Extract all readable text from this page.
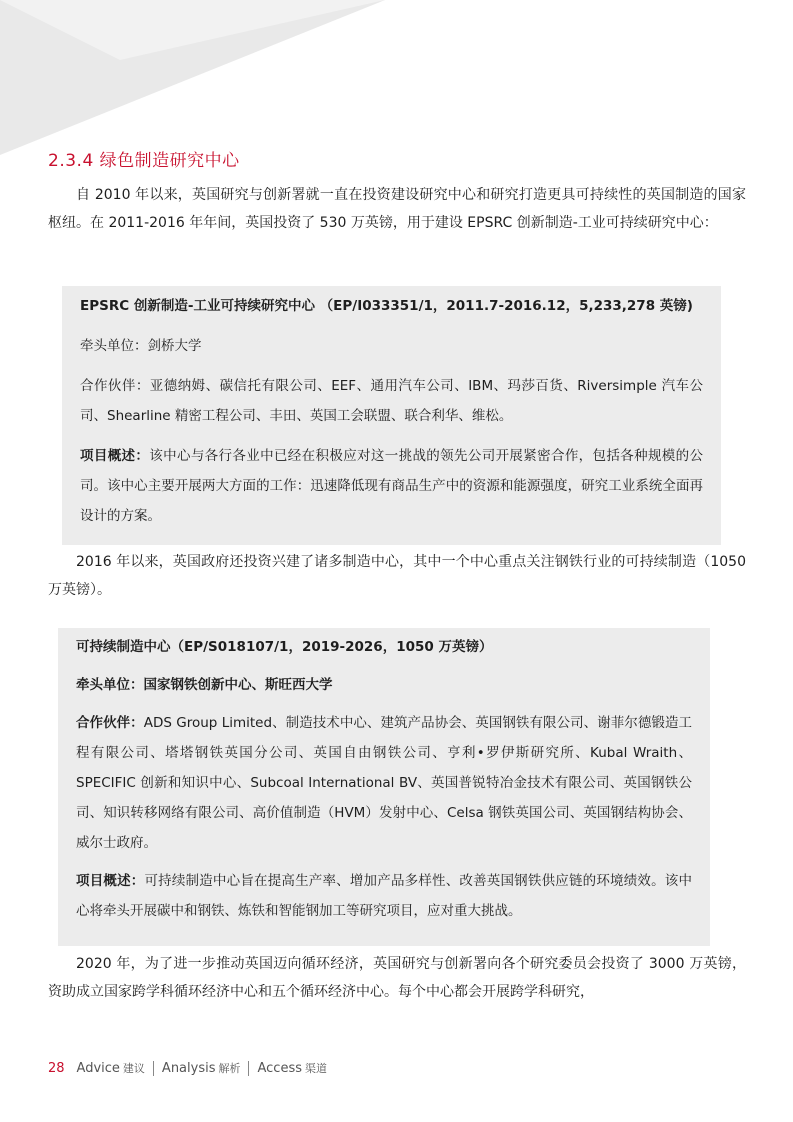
2.3.4 绿色制造研究中心

自 2010 年以来，英国研究与创新署就一直在投资建设研究中心和研究打造更具可持续性的英国制造的国家枢纽。在 2011-2016 年年间，英国投资了 530 万英镑，用于建设 EPSRC 创新制造-工业可持续研究中心：

EPSRC 创新制造-工业可持续研究中心 （EP/I033351/1，2011.7-2016.12，5,233,278 英镑)

牵头单位：剑桥大学

合作伙伴：亚德纳姆、碳信托有限公司、EEF、通用汽车公司、IBM、玛莎百货、Riversimple 汽车公司、Shearline 精密工程公司、丰田、英国工会联盟、联合利华、维松。

项目概述：该中心与各行各业中已经在积极应对这一挑战的领先公司开展紧密合作，包括各种规模的公司。该中心主要开展两大方面的工作：迅速降低现有商品生产中的资源和能源强度，研究工业系统全面再设计的方案。

2016 年以来，英国政府还投资兴建了诸多制造中心，其中一个中心重点关注钢铁行业的可持续制造（1050 万英镑）。

可持续制造中心（EP/S018107/1，2019-2026，1050 万英镑）

牵头单位：国家钢铁创新中心、斯旺西大学

合作伙伴：ADS Group Limited、制造技术中心、建筑产品协会、英国钢铁有限公司、谢菲尔德锻造工程有限公司、塔塔钢铁英国分公司、英国自由钢铁公司、亨利•罗伊斯研究所、Kubal Wraith、SPECIFIC 创新和知识中心、Subcoal International BV、英国普锐特冶金技术有限公司、英国钢铁公司、知识转移网络有限公司、高价值制造（HVM）发射中心、Celsa 钢铁英国公司、英国钢结构协会、威尔士政府。

项目概述：可持续制造中心旨在提高生产率、增加产品多样性、改善英国钢铁供应链的环境绩效。该中心将牵头开展碳中和钢铁、炼铁和智能钢加工等研究项目，应对重大挑战。

2020 年，为了进一步推动英国迈向循环经济，英国研究与创新署向各个研究委员会投资了 3000 万英镑，资助成立国家跨学科循环经济中心和五个循环经济中心。每个中心都会开展跨学科研究，

28 Advice 建议 Analysis 解析 Access 渠道
